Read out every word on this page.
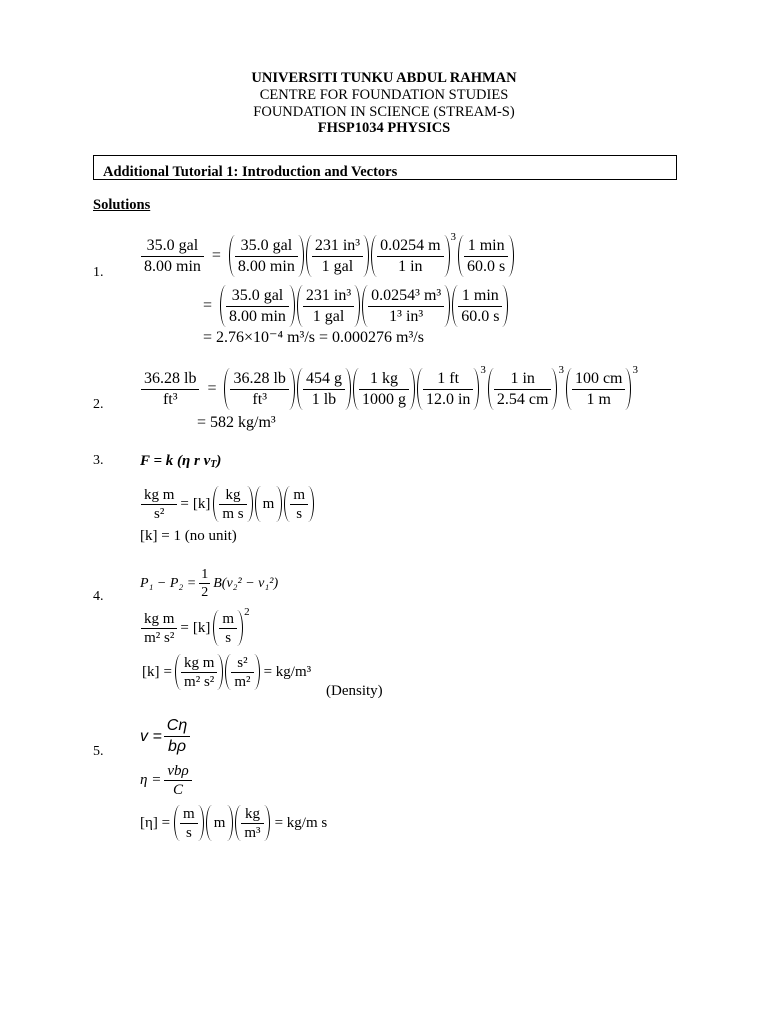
UNIVERSITI TUNKU ABDUL RAHMAN
CENTRE FOR FOUNDATION STUDIES
FOUNDATION IN SCIENCE (STREAM-S)
FHSP1034 PHYSICS
Additional Tutorial 1: Introduction and Vectors
Solutions
1. $\frac{\text{35.0 gal}}{8.00 \min} = \frac{\text{35.0 gal}}{8.00 \min} \frac{\text{231 in³}}{\text{1 gal}} \frac{0.0254 m}{1 in} 3 \frac{1 \min}{60.0 s}$
= $\frac{\text{35.0 gal}}{8.00 \min} \frac{\text{231 in³}}{\text{1 gal}} \frac{\text{0.0254³ m³}}{\text{1³ in³}} \frac{1 \min}{60.0 s}$
= 2.76×10⁻⁴ m³/s = 0.000276 m³/s
2. $\frac{36.28 lb}{\text{ft³}} = \frac{36.28 lb}{\text{ft³}} \frac{454 g}{1 lb} \frac{1 kg}{1000 g} \frac{1 ft}{12.0 in} 3 \frac{1 in}{2.54 cm} 3 \frac{100 cm}{1 m} 3$
= 582 kg/m³
3. F = k (η r $v_T$)
$\frac{\text{kg m}}{\text{s²}} = [k] \frac{kg}{\text{m s}}$ m $\frac{m}{s}$
[k] = 1 (no unit)
4.
$P_1 - P_2 = \frac{1}{2} B(v_2^2 - v_1^2)$
$\frac{\text{kg m}}{\text{m² s²}} = [k] \frac{m}{s} 2$
$[k] = \frac{\text{kg m}}{\text{m² s²}} \frac{\text{s²}}{\text{m²}} = kg/m^3$
(Density)
5.
$v = \frac{C\eta}{b\rho}$
$\eta = \frac{\text{vbρ}}{C}$
$[\eta] = \frac{m}{s}$ m $\frac{kg}{\text{m³}} = kg/m$ s
